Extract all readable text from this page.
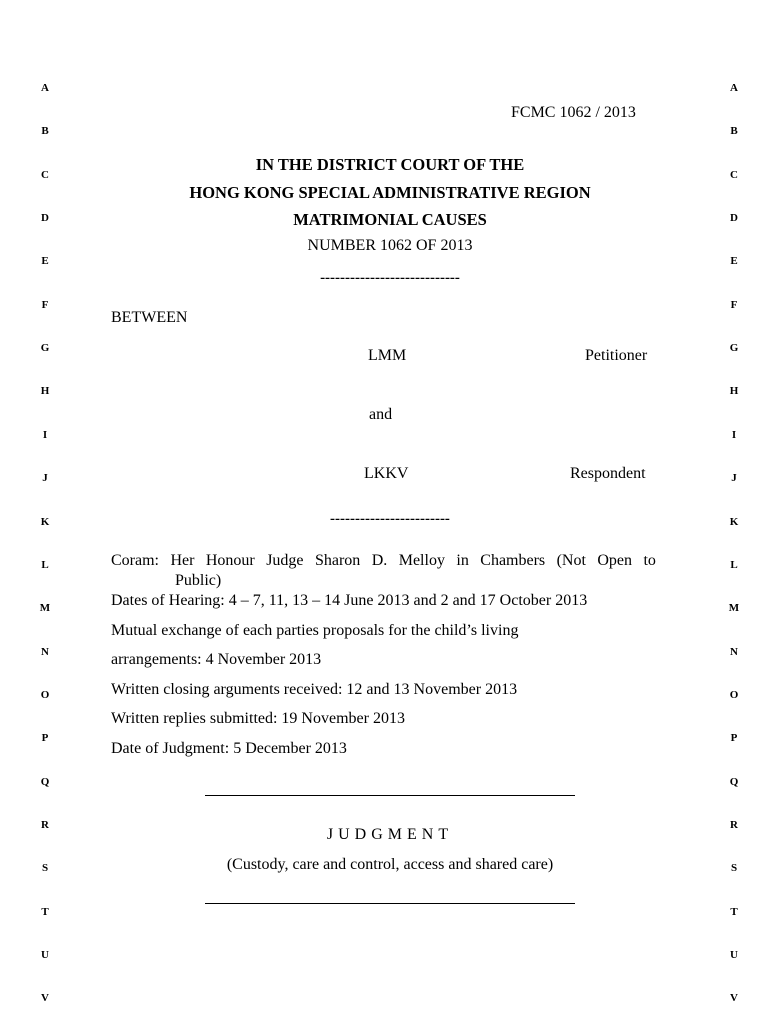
A
B
C
D
E
F
G
H
I
J
K
L
M
N
O
P
Q
R
S
T
U
V
A
B
C
D
E
F
G
H
I
J
K
L
M
N
O
P
Q
R
S
T
U
V
FCMC 1062 / 2013
IN THE DISTRICT COURT OF THE
HONG KONG SPECIAL ADMINISTRATIVE REGION
MATRIMONIAL CAUSES
NUMBER 1062 OF 2013
----------------------------
BETWEEN
LMM	Petitioner
and
LKKV	Respondent
------------------------
Coram: Her Honour Judge Sharon D. Melloy in Chambers (Not Open to
Public)
Dates of Hearing: 4 – 7, 11, 13 – 14 June 2013 and 2 and 17 October 2013
Mutual exchange of each parties proposals for the child’s living
arrangements: 4 November 2013
Written closing arguments received: 12 and 13 November 2013
Written replies submitted: 19 November 2013
Date of Judgment: 5 December 2013
JUDGMENT
(Custody, care and control, access and shared care)
